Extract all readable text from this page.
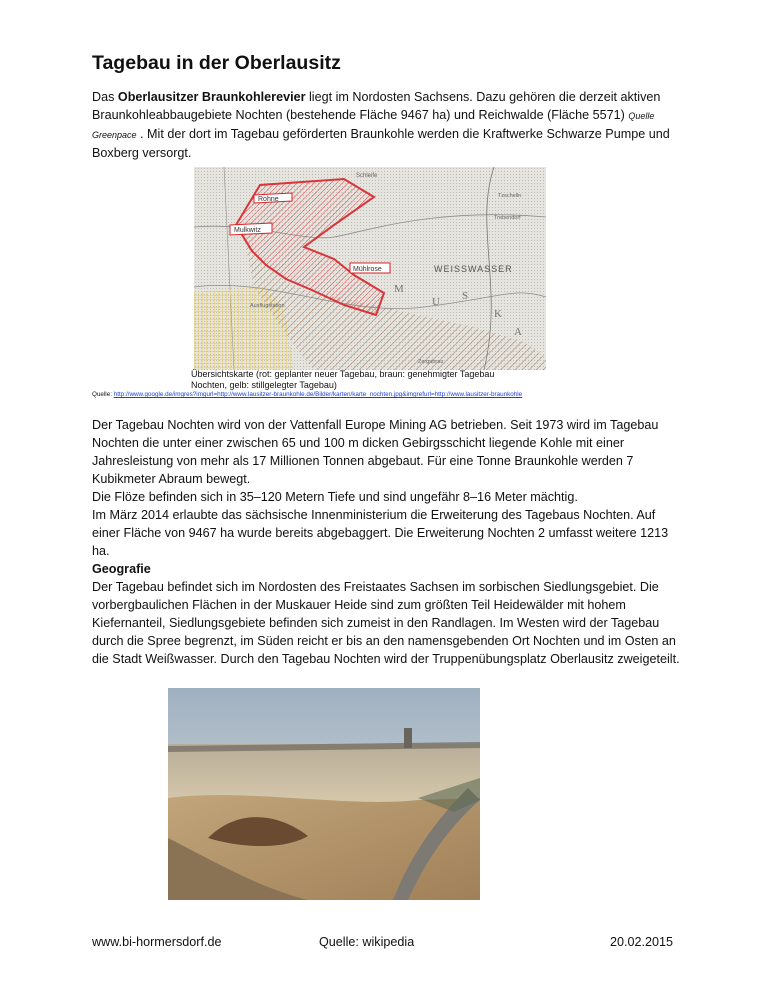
Tagebau in der Oberlausitz

Das Oberlausitzer Braunkohlerevier liegt im Nordosten Sachsens. Dazu gehören die derzeit aktiven Braunkohleabbaugebiete Nochten (bestehende Fläche 9467 ha) und Reichwalde (Fläche 5571) Quelle Greenpace . Mit der dort im Tagebau geförderten Braunkohle werden die Kraftwerke Schwarze Pumpe und Boxberg versorgt.

Rohne
Mulkwitz
Mühlrose	WEISSWASSER
Schleife
Tzschelln
Trebendorf
M
U S
K
A
Zergabrau
Ausflugstation
Übersichtskarte (rot: geplanter neuer Tagebau, braun: genehmigter Tagebau Nochten, gelb: stillgelegter Tagebau)
Quelle: http://www.google.de/imgres?imgurl=http://www.lausitzer-braunkohle.de/Bilder/karten/karte_nochten.jpg&imgrefurl=http://www.lausitzer-braunkohle

Der Tagebau Nochten wird von der Vattenfall Europe Mining AG betrieben. Seit 1973 wird im Tagebau Nochten die unter einer zwischen 65 und 100 m dicken Gebirgsschicht liegende Kohle mit einer Jahresleistung von mehr als 17 Millionen Tonnen abgebaut. Für eine Tonne Braunkohle werden 7 Kubikmeter Abraum bewegt.

Die Flöze befinden sich in 35–120 Metern Tiefe und sind ungefähr 8–16 Meter mächtig.

Im März 2014 erlaubte das sächsische Innenministerium die Erweiterung des Tagebaus Nochten. Auf einer Fläche von 9467 ha wurde bereits abgebaggert. Die Erweiterung Nochten 2 umfasst weitere 1213 ha.

Geografie

Der Tagebau befindet sich im Nordosten des Freistaates Sachsen im sorbischen Siedlungsgebiet. Die vorbergbaulichen Flächen in der Muskauer Heide sind zum größten Teil Heidewälder mit hohem Kiefernanteil, Siedlungsgebiete befinden sich zumeist in den Randlagen. Im Westen wird der Tagebau durch die Spree begrenzt, im Süden reicht er bis an den namensgebenden Ort Nochten und im Osten an die Stadt Weißwasser. Durch den Tagebau Nochten wird der Truppenübungsplatz Oberlausitz zweigeteilt.

www.bi-hormersdorf.de	Quelle: wikipedia	20.02.2015
